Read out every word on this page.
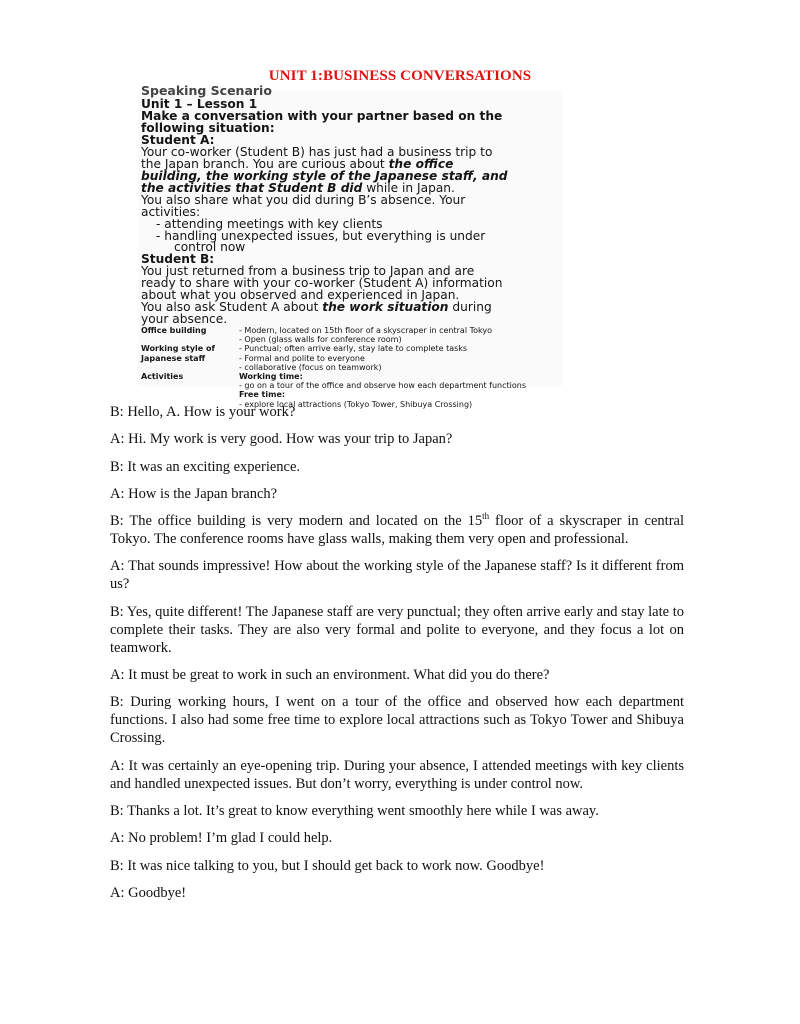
UNIT 1:BUSINESS CONVERSATIONS
Speaking Scenario
Unit 1 – Lesson 1
Make a conversation with your partner based on the
following situation:
Student A:
Your co-worker (Student B) has just had a business trip to
the Japan branch. You are curious about the office
building, the working style of the Japanese staff, and
the activities that Student B did while in Japan.
You also share what you did during B’s absence. Your
activities:
- attending meetings with key clients
- handling unexpected issues, but everything is under
control now
Student B:
You just returned from a business trip to Japan and are
ready to share with your co-worker (Student A) information
about what you observed and experienced in Japan.
You also ask Student A about the work situation during
your absence.
Office building	- Modern, located on 15th floor of a skyscraper in central Tokyo
- Open (glass walls for conference room)
Working style of Japanese staff
- Punctual; often arrive early, stay late to complete tasks
- Formal and polite to everyone
- collaborative (focus on teamwork)
Activities	Working time:
- go on a tour of the office and observe how each department functions
Free time:
- explore local attractions (Tokyo Tower, Shibuya Crossing)

B: Hello, A. How is your work?

A: Hi. My work is very good. How was your trip to Japan?

B: It was an exciting experience.

A: How is the Japan branch?

B: The office building is very modern and located on the 15th floor of a skyscraper in central Tokyo. The conference rooms have glass walls, making them very open and professional.

A: That sounds impressive! How about the working style of the Japanese staff? Is it different from us?

B: Yes, quite different! The Japanese staff are very punctual; they often arrive early and stay late to complete their tasks. They are also very formal and polite to everyone, and they focus a lot on teamwork.

A: It must be great to work in such an environment. What did you do there?

B: During working hours, I went on a tour of the office and observed how each department functions. I also had some free time to explore local attractions such as Tokyo Tower and Shibuya Crossing.

A: It was certainly an eye-opening trip. During your absence, I attended meetings with key clients and handled unexpected issues. But don’t worry, everything is under control now.

B: Thanks a lot. It’s great to know everything went smoothly here while I was away.

A: No problem! I’m glad I could help.

B: It was nice talking to you, but I should get back to work now. Goodbye!

A: Goodbye!
